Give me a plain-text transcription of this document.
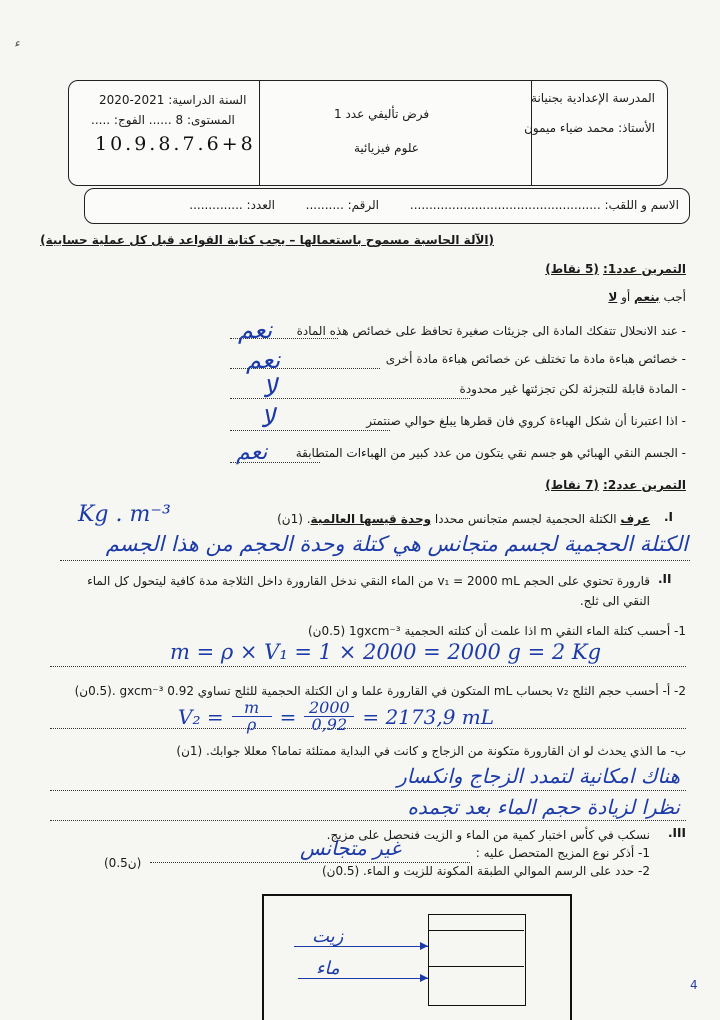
ء
المدرسة الإعدادية بجنيانة
الأستاذ: محمد ضياء ميمون
فرض تأليفي عدد 1
علوم فيزيائية
السنة الدراسية: 2021-2020
المستوى: 8 ...... الفوج: .....
10.9.8.7.6+8
الاسم و اللقب: ..................................................
الرقم: ..........
العدد: ..............
(الآلة الحاسبة مسموح باستعمالها – يجب كتابة القواعد قبل كل عملية حسابية)
التمرين عدد1: (5 نقاط)
أجب بنعم أو لا
- عند الانحلال تتفكك المادة الى جزيئات صغيرة تحافظ على خصائص هذه المادة
نعم
- خصائص هباءة مادة ما تختلف عن خصائص هباءة مادة أخرى
نعم
- المادة قابلة للتجزئة لكن تجزئتها غير محدودة
لا
- اذا اعتبرنا أن شكل الهباءة كروي فان قطرها يبلغ حوالي صنتمتر
لا
- الجسم النقي الهبائي هو جسم نقي يتكون من عدد كبير من الهباءات المتطابقة
نعم
التمرين عدد2: (7 نقاط)
.I
عرف الكتلة الحجمية لجسم متجانس محددا وحدة قيسها العالمية. (1ن)
Kg . m⁻³
الكتلة الحجمية لجسم متجانس هي كتلة وحدة الحجم من هذا الجسم
.II
قارورة تحتوي على الحجم v₁ = 2000 mL من الماء النقي ندخل القارورة داخل الثلاجة مدة كافية ليتحول كل الماء
النقي الى ثلج.
1- أحسب كتلة الماء النقي m اذا علمت أن كتلته الحجمية 1gxcm⁻³ (0.5ن)
m = ρ × V₁ = 1 × 2000 = 2000 g = 2 Kg
2- أ- أحسب حجم الثلج v₂ بحساب mL المتكون في القارورة علما و ان الكتلة الحجمية للثلج تساوي 0.92 gxcm⁻³ .(0.5ن)
$V_2 = \frac{m}{\rho} = \frac{2000}{0,92} = 2173,9$ mL
ب- ما الذي يحدث لو ان القارورة متكونة من الزجاج و كانت في البداية ممتلئة تماما؟ معللا جوابك. (1ن)
هناك امكانية لتمدد الزجاج وانكسار
نظرا لزيادة حجم الماء بعد تجمده
.III
نسكب في كأس اختبار كمية من الماء و الزيت فنحصل على مزيج.
1- أذكر نوع المزيج المتحصل عليه :
غير متجانس
(0.5ن)
2- حدد على الرسم الموالي الطبقة المكونة للزيت و الماء. (0.5ن)
زيت
ماء
4
